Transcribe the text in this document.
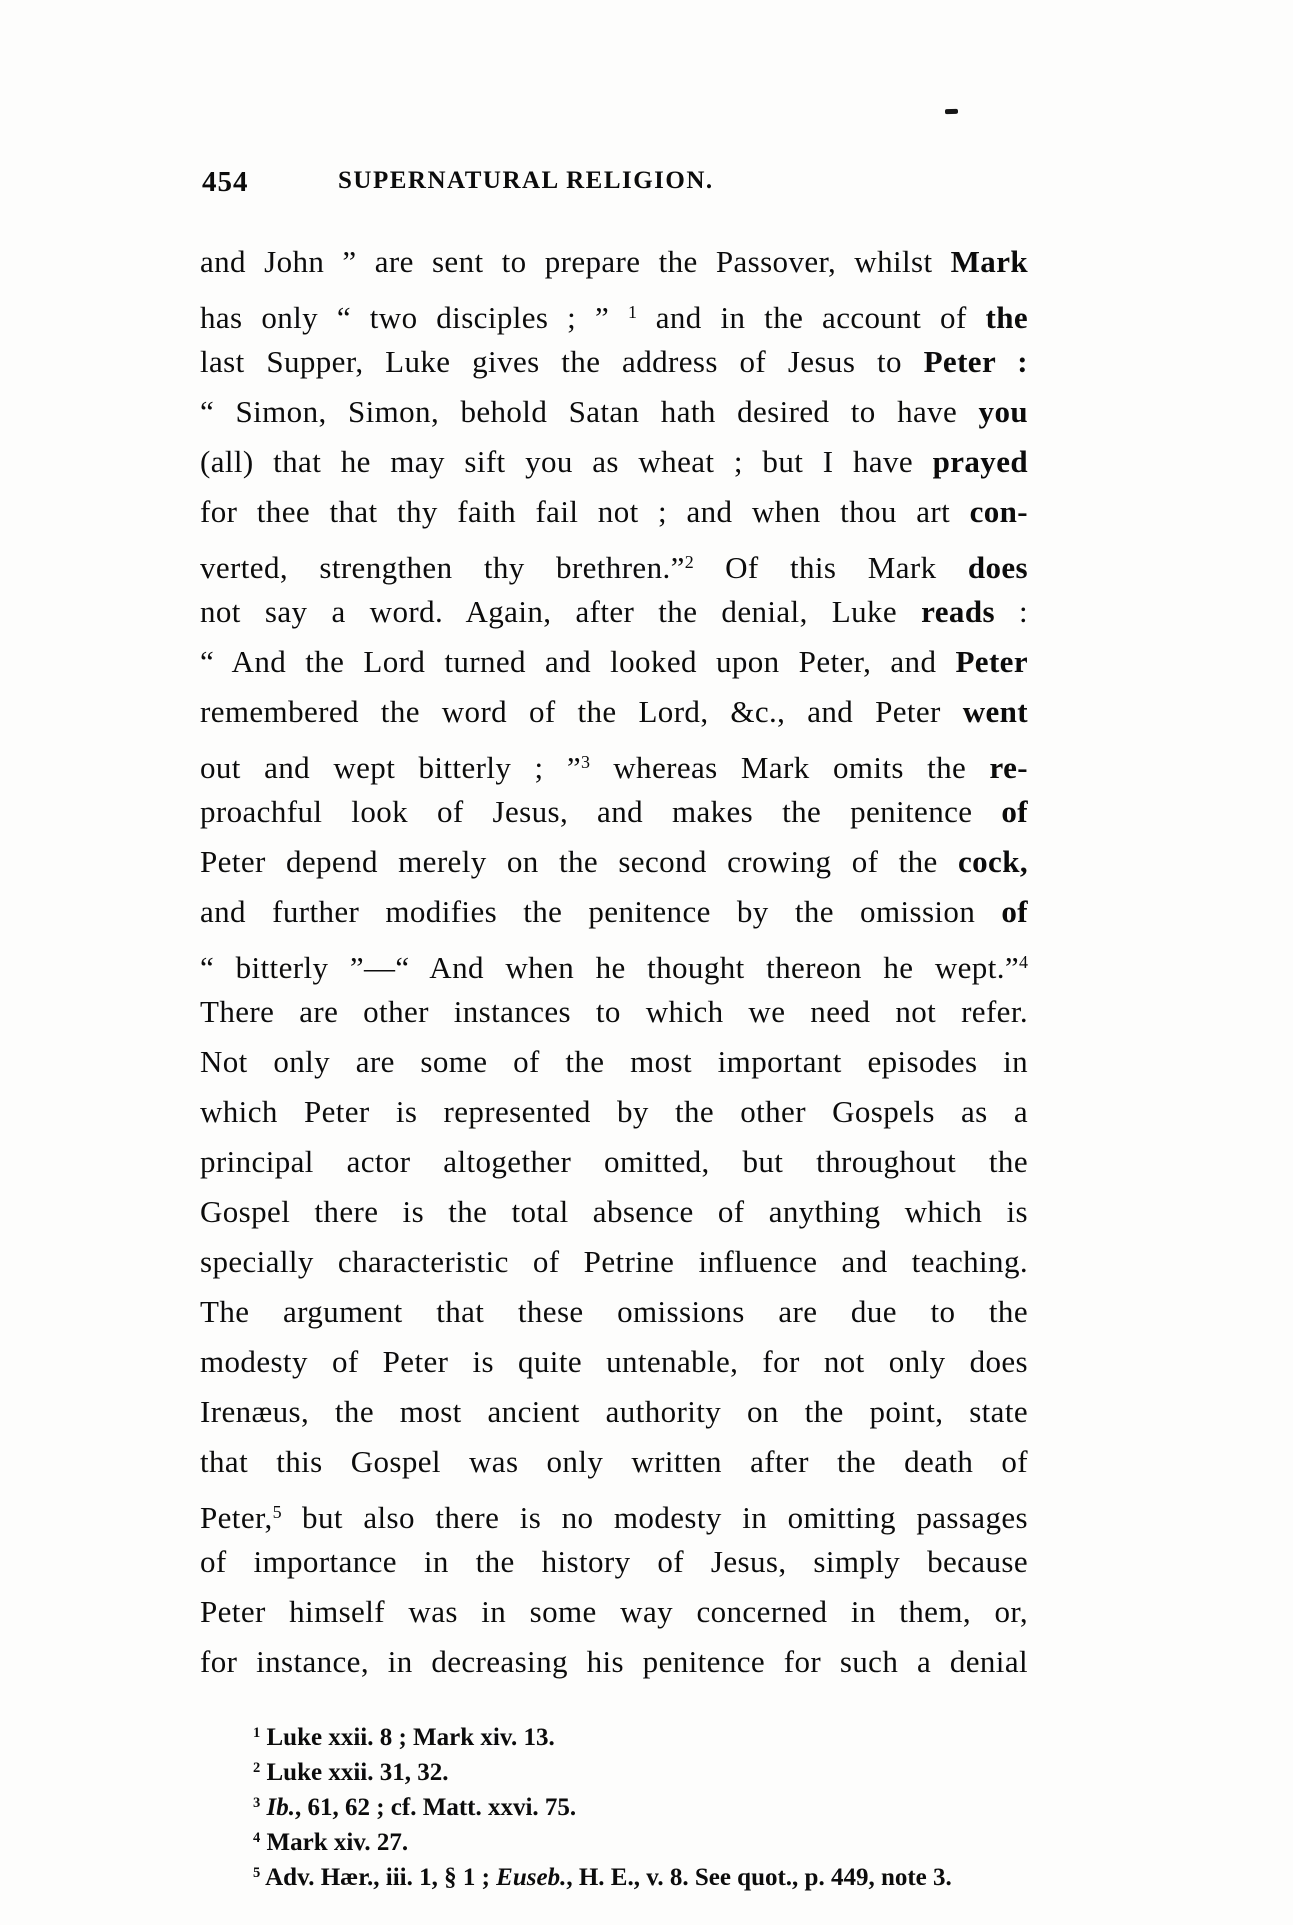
454	SUPERNATURAL RELIGION.
and John ” are sent to prepare the Passover, whilst Mark
has only “ two disciples ; ” $^1$ and in the account of the
last Supper, Luke gives the address of Jesus to Peter :
“ Simon, Simon, behold Satan hath desired to have you
(all) that he may sift you as wheat ; but I have prayed
for thee that thy faith fail not ; and when thou art con-
verted, strengthen thy brethren.”$^2$ Of this Mark does
not say a word. Again, after the denial, Luke reads :
“ And the Lord turned and looked upon Peter, and Peter
remembered the word of the Lord, &c., and Peter went
out and wept bitterly ; ”$^3$ whereas Mark omits the re-
proachful look of Jesus, and makes the penitence of
Peter depend merely on the second crowing of the cock,
and further modifies the penitence by the omission of
“ bitterly ”—“ And when he thought thereon he wept.”$^4$
There are other instances to which we need not refer.
Not only are some of the most important episodes in
which Peter is represented by the other Gospels as a
principal actor altogether omitted, but throughout the
Gospel there is the total absence of anything which is
specially characteristic of Petrine influence and teaching.
The argument that these omissions are due to the
modesty of Peter is quite untenable, for not only does
Irenæus, the most ancient authority on the point, state
that this Gospel was only written after the death of
Peter,$^5$ but also there is no modesty in omitting passages
of importance in the history of Jesus, simply because
Peter himself was in some way concerned in them, or,
for instance, in decreasing his penitence for such a denial
$^1$ Luke xxii. 8 ; Mark xiv. 13.
$^2$ Luke xxii. 31, 32.
$^3$ Ib., 61, 62 ; cf. Matt. xxvi. 75.
$^4$ Mark xiv. 27.
$^5$ Adv. Hær., iii. 1, § 1 ; Euseb., H. E., v. 8. See quot., p. 449, note 3.
